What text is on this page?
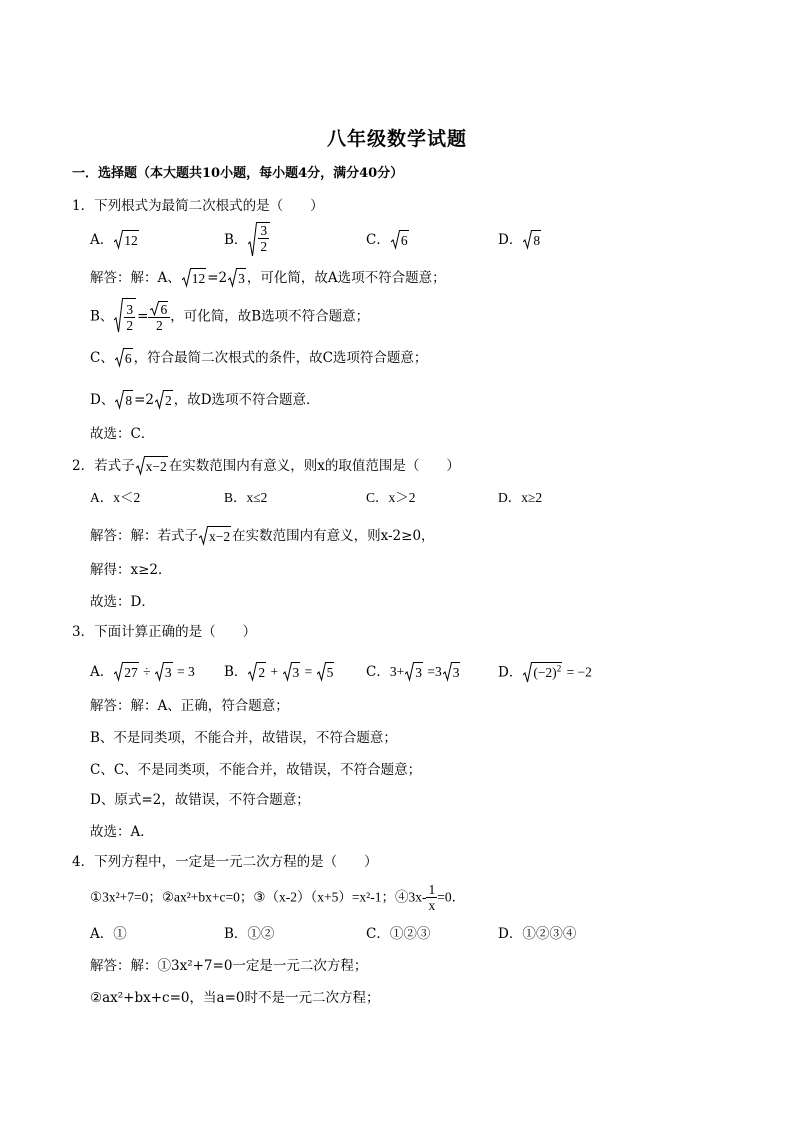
八年级数学试题
一．选择题（本大题共10小题，每小题4分，满分40分）
1．下列根式为最简二次根式的是（　　）
A． 12	B． $\frac{3}{2}$	C． 6	D． 8
解答：解：A、 12 =2 3 ，可化简，故A选项不符合题意；
B、 $\frac{3}{2} = \frac{6}{2}$ ，可化简，故B选项不符合题意；
C、 6 ，符合最简二次根式的条件，故C选项符合题意；
D、 8 =2 2 ，故D选项不符合题意．
故选：C．
2．若式子 x−2 在实数范围内有意义，则x的取值范围是（　　）
A．x＜2	B．x≤2	C．x＞2	D．x≥2
解答：解：若式子 x−2 在实数范围内有意义，则x-2≥0，
解得：x≥2．
故选：D．
3．下面计算正确的是（　　）
A． 27 ÷ 3 = 3 B． 2 + 3 = 5 C．3+ 3 =3 3	D． $(-2)^2 = -2$
解答：解：A、正确，符合题意；
B、不是同类项，不能合并，故错误，不符合题意；
C、C、不是同类项，不能合并，故错误，不符合题意；
D、原式=2，故错误，不符合题意；
故选：A．
4．下列方程中，一定是一元二次方程的是（　　）
①3x²+7=0；②ax²+bx+c=0；③（x-2）（x+5）=x²-1；④3x- $\frac{1}{x} =0$．
A．①	B．①②	C．①②③	D．①②③④
解答：解：①3x²+7=0一定是一元二次方程；
②ax²+bx+c=0，当a=0时不是一元二次方程；
